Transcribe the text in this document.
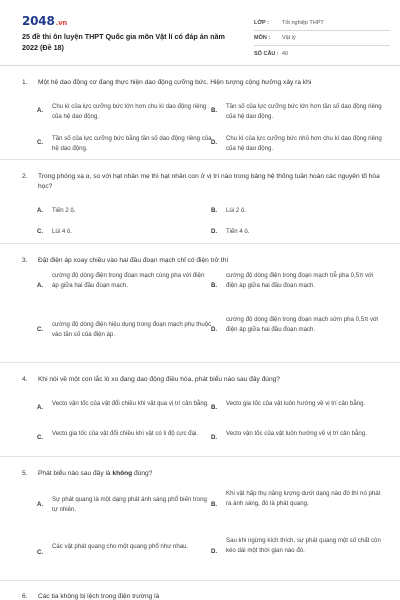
2048.vn
25 đề thi ôn luyện THPT Quốc gia môn Vật lí có đáp án năm 2022 (Đề 18)
LỚP :	Tốt nghiệp THPT
MÔN :	Vật lý
SỐ CÂU : 40
1. Một hệ dao động cơ đang thực hiện dao động cưỡng bức. Hiện tượng cộng hưởng xảy ra khi
A.
Chu kì của lực cưỡng bức lớn hơn chu kì dao động riêng của hệ dao động.
B.
Tần số của lực cưỡng bức lớn hơn tần số dao động riêng của hệ dao động.
C.
Tần số của lực cưỡng bức bằng tần số dao động riêng của hệ dao động.
D.
Chu kì của lực cưỡng bức nhỏ hơn chu kì dao động riêng của hệ dao động.
2. Trong phóng xạ α, so với hạt nhân mẹ thì hạt nhân con ở vị trí nào trong bảng hệ thống tuần hoàn các nguyên tố hóa học?
A. Tiến 2 ô.	B. Lùi 2 ô.
C. Lùi 4 ô.	D. Tiến 4 ô.
3. Đặt điện áp xoay chiều vào hai đầu đoạn mạch chỉ có điện trở thì
A.
cường độ dòng điện trong đoạn mạch cùng pha với điện áp giữa hai đầu đoạn mạch.	B.
cường độ dòng điện trong đoạn mạch trễ pha 0,5π với điện áp giữa hai đầu đoạn mạch.
C.
cường độ dòng điện hiệu dụng trong đoạn mạch phụ thuộc vào tần số của điện áp.
D.
cường độ dòng điện trong đoạn mạch sớm pha 0,5π với điện áp giữa hai đầu đoạn mạch.
4. Khi nói về một con lắc lò xo đang dao động điều hòa, phát biểu nào sau đây đúng?
A.
Vecto vận tốc của vật đổi chiều khi vật qua vị trí cân bằng.
B.
Vecto gia tốc của vật luôn hướng về vị trí cân bằng.
C.
Vecto gia tốc của vật đổi chiều khi vật có li độ cực đại.
D.
Vecto vận tốc của vật luôn hướng về vị trí cân bằng.
5. Phát biểu nào sau đây là không đúng?
A.
Sự phát quang là một dạng phát ánh sáng phổ biến trong tự nhiên.
B.
Khi vật hấp thụ năng lượng dưới dạng nào đó thì nó phát ra ánh sáng, đó là phát quang.
C.
Các vật phát quang cho một quang phổ như nhau.
D.
Sau khi ngừng kích thích, sự phát quang một số chất còn kéo dài một thời gian nào đó.
6. Các tia không bị lệch trong điện trường là
